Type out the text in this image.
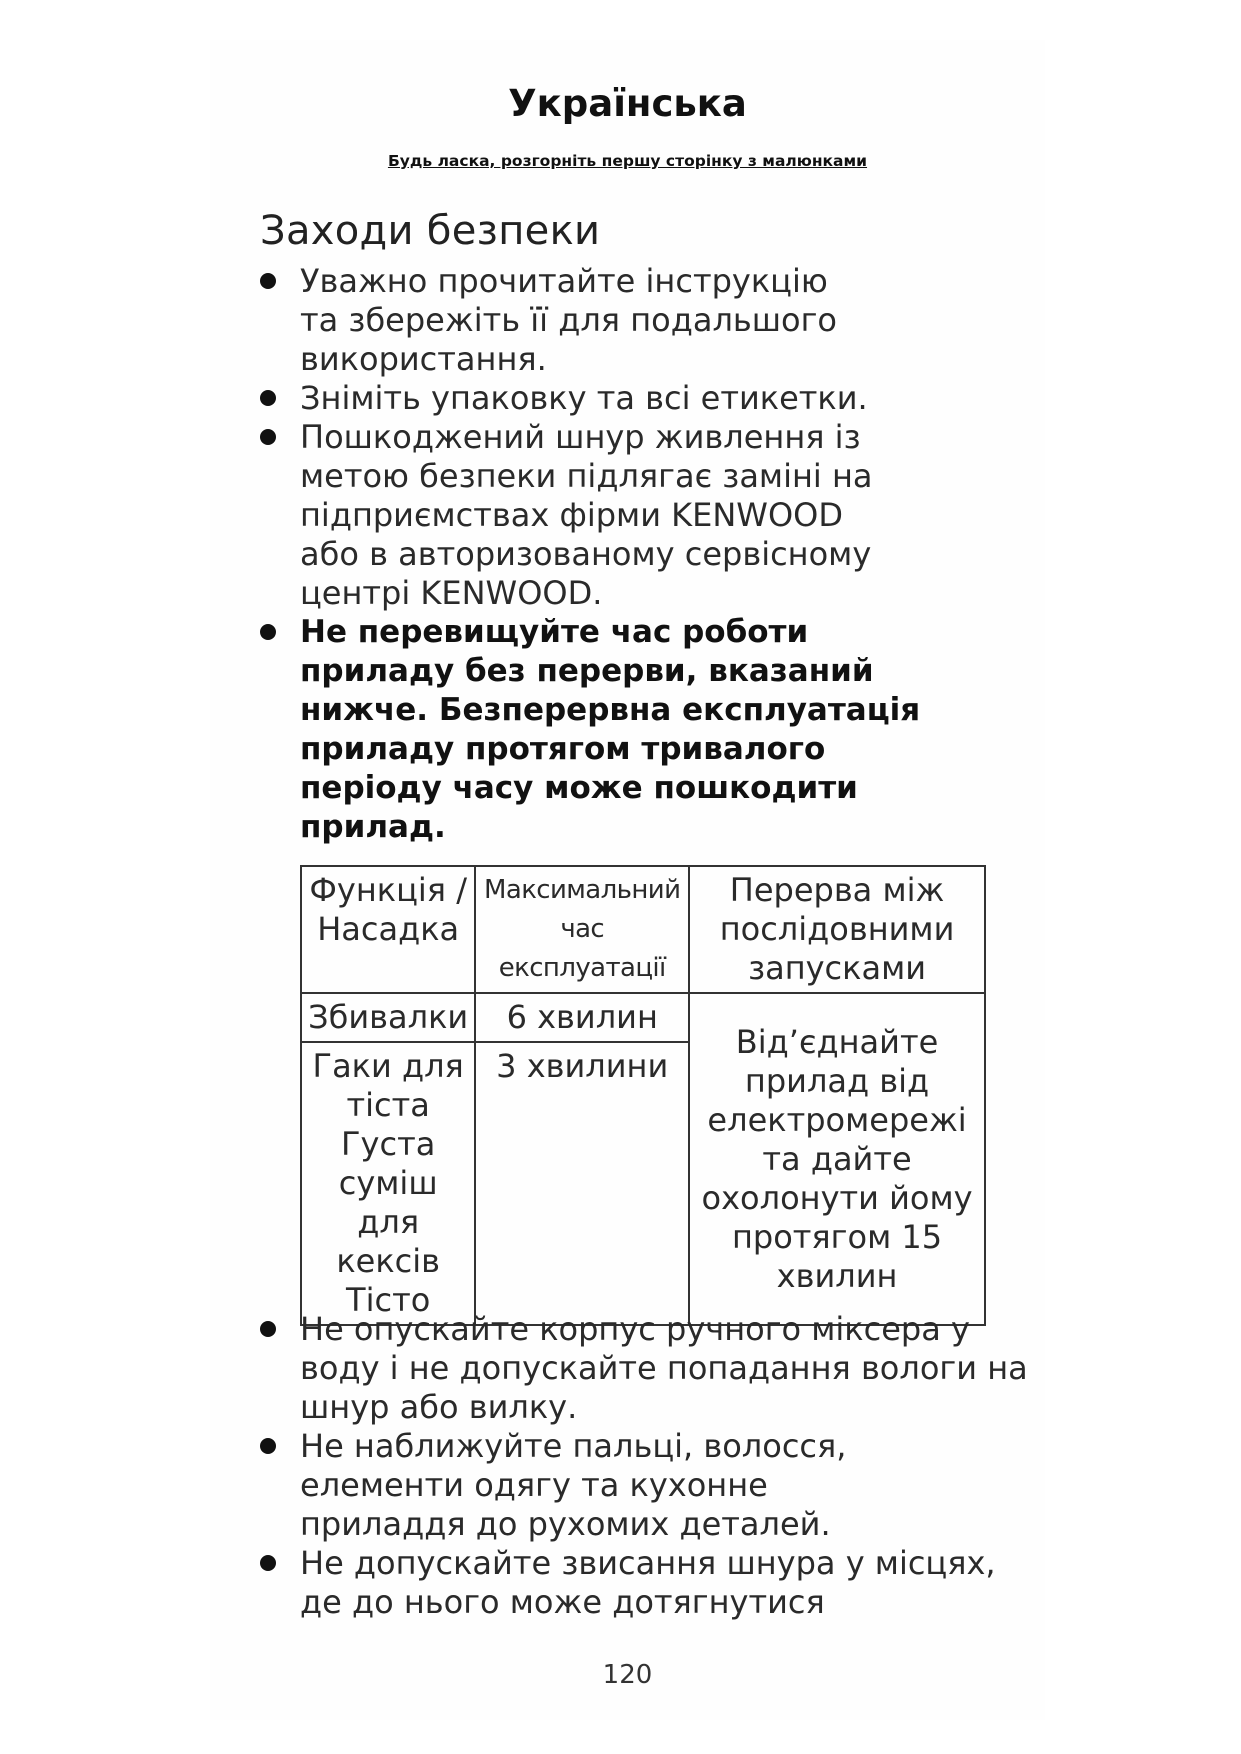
Українська
Будь ласка, розгорніть першу сторінку з малюнками
Заходи безпеки
Уважно прочитайте інструкцію та збережіть її для подальшого використання.
Зніміть упаковку та всі етикетки.
Пошкоджений шнур живлення із метою безпеки підлягає заміні на підприємствах фірми KENWOOD або в авторизованому сервісному центрі KENWOOD.
Не перевищуйте час роботи приладу без перерви, вказаний нижче. Безперервна експлуатація приладу протягом тривалого періоду часу може пошкодити прилад.
Функція / Насадка	Максимальний час експлуатації	Перерва між послідовними запусками
Збивалки	6 хвилин	Від’єднайте прилад від електромережі та дайте охолонути йому протягом 15 хвилин
Гаки для тіста Густа суміш для кексів Тісто	3 хвилини	
Не опускайте корпус ручного міксера у воду і не допускайте попадання вологи на шнур або вилку.
Не наближуйте пальці, волосся, елементи одягу та кухонне приладдя до рухомих деталей.
Не допускайте звисання шнура у місцях, де до нього може дотягнутися
120
